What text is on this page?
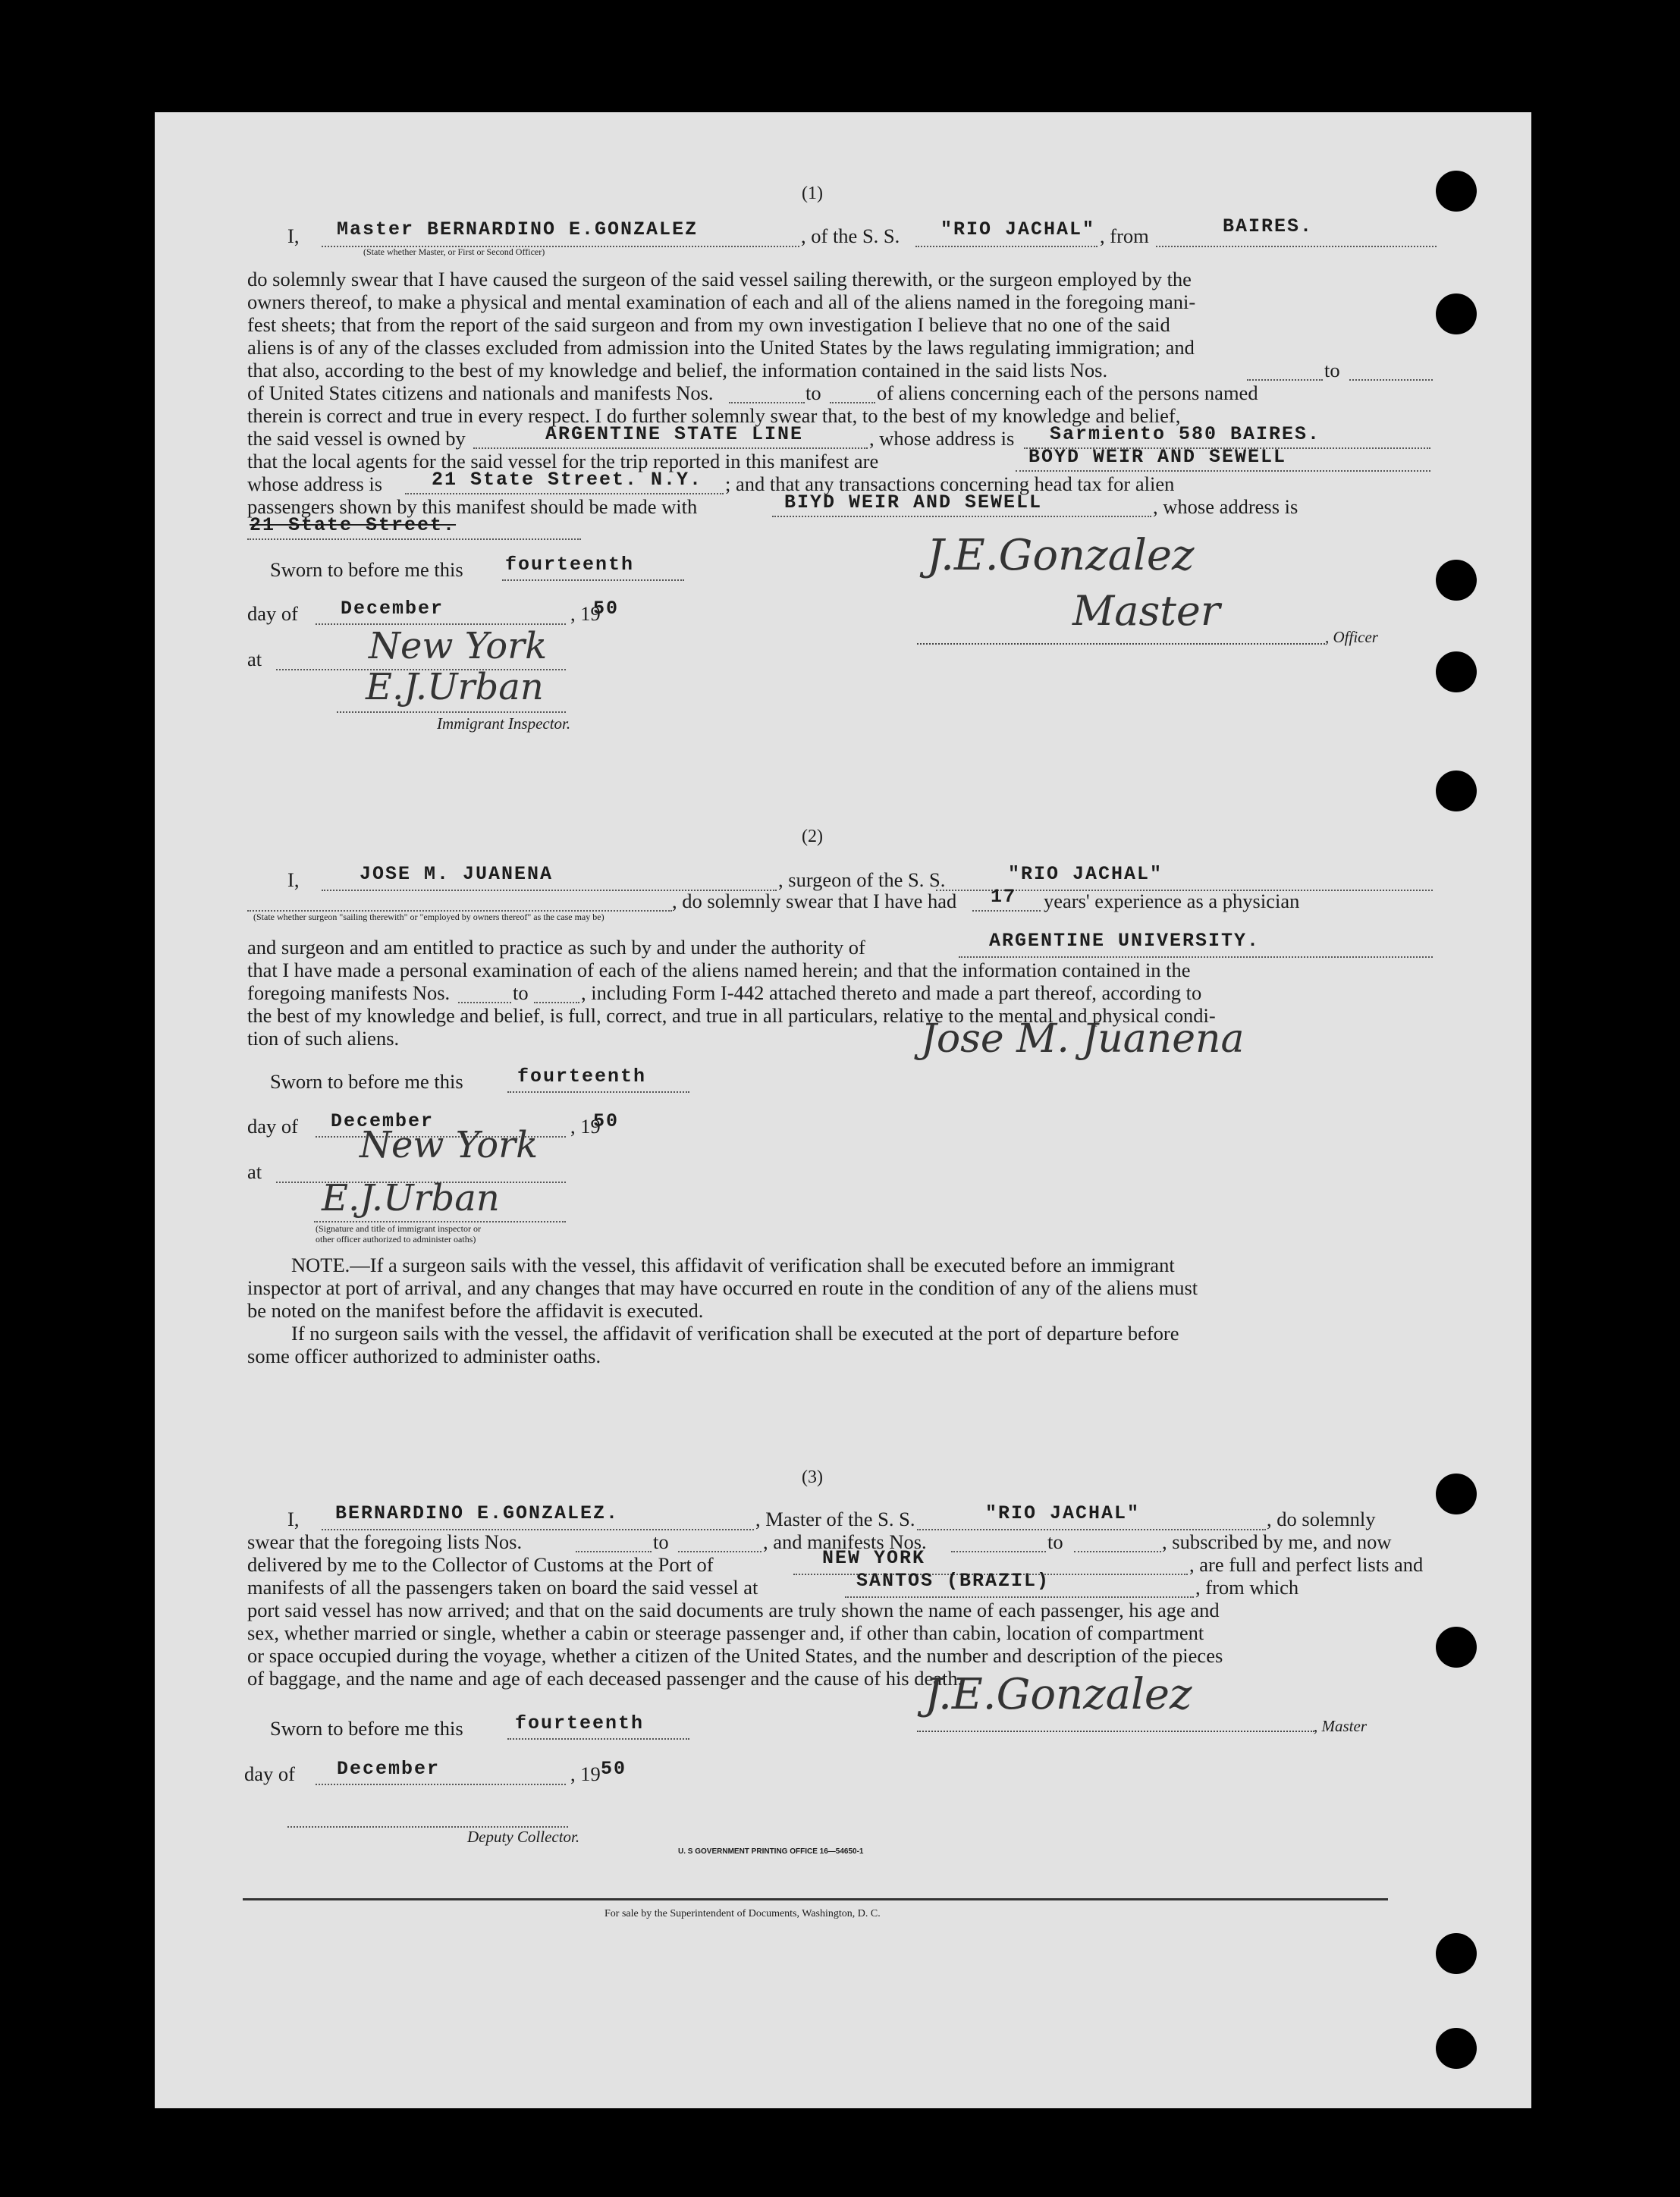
(1)
I, Master BERNARDINO E.GONZALEZ	, of the S. S. "RIO JACHAL" , from	BAIRES.
(State whether Master, or First or Second Officer)
do solemnly swear that I have caused the surgeon of the said vessel sailing therewith, or the surgeon employed by the
owners thereof, to make a physical and mental examination of each and all of the aliens named in the foregoing mani-
fest sheets; that from the report of the said surgeon and from my own investigation I believe that no one of the said
aliens is of any of the classes excluded from admission into the United States by the laws regulating immigration; and
that also, according to the best of my knowledge and belief, the information contained in the said lists Nos.	to
of United States citizens and nationals and manifests Nos.	to	of aliens concerning each of the persons named
therein is correct and true in every respect. I do further solemnly swear that, to the best of my knowledge and belief,
the said vessel is owned by	ARGENTINE STATE LINE	, whose address is Sarmiento 580 BAIRES.
that the local agents for the said vessel for the trip reported in this manifest are	BOYD WEIR AND SEWELL
whose address is	21 State Street. N.Y. ; and that any transactions concerning head tax for alien
passengers shown by this manifest should be made with	BIYD WEIR AND SEWELL	, whose address is
21 State Street.
Sworn to before me this fourteenth
day of December	, 19
50
at	New York
E.J.Urban
Immigrant Inspector.
J.E.Gonzalez
Master
, Officer
(2)
I,	JOSE M. JUANENA	, surgeon of the S. S.	"RIO JACHAL"
, do solemnly swear that I have had 17 years' experience as a physician
(State whether surgeon "sailing therewith" or "employed by owners thereof" as the case may be)
and surgeon and am entitled to practice as such by and under the authority of	ARGENTINE UNIVERSITY.
that I have made a personal examination of each of the aliens named herein; and that the information contained in the
foregoing manifests Nos.	to	, including Form I-442 attached thereto and made a part thereof, according to
the best of my knowledge and belief, is full, correct, and true in all particulars, relative to the mental and physical condi-
tion of such aliens.	Jose M. Juanena
Sworn to before me this	fourteenth
day of December	, 19
50
at
New York
E.J.Urban
(Signature and title of immigrant inspector or
other officer authorized to administer oaths)
NOTE.—If a surgeon sails with the vessel, this affidavit of verification shall be executed before an immigrant
inspector at port of arrival, and any changes that may have occurred en route in the condition of any of the aliens must
be noted on the manifest before the affidavit is executed.
If no surgeon sails with the vessel, the affidavit of verification shall be executed at the port of departure before
some officer authorized to administer oaths.
(3)
I, BERNARDINO E.GONZALEZ.	, Master of the S. S.	"RIO JACHAL"	, do solemnly
swear that the foregoing lists Nos.	to	, and manifests Nos.	to	, subscribed by me, and now
delivered by me to the Collector of Customs at the Port of	NEW YORK	, are full and perfect lists and
manifests of all the passengers taken on board the said vessel at	SANTOS (BRAZIL)	, from which
port said vessel has now arrived; and that on the said documents are truly shown the name of each passenger, his age and
sex, whether married or single, whether a cabin or steerage passenger and, if other than cabin, location of compartment
or space occupied during the voyage, whether a citizen of the United States, and the number and description of the pieces
of baggage, and the name and age of each deceased passenger and the cause of his death.
J.E.Gonzalez
, Master
Sworn to before me this	fourteenth
day of December	, 19 50
Deputy Collector.
U. S GOVERNMENT PRINTING OFFICE 16—54650-1
For sale by the Superintendent of Documents, Washington, D. C.
